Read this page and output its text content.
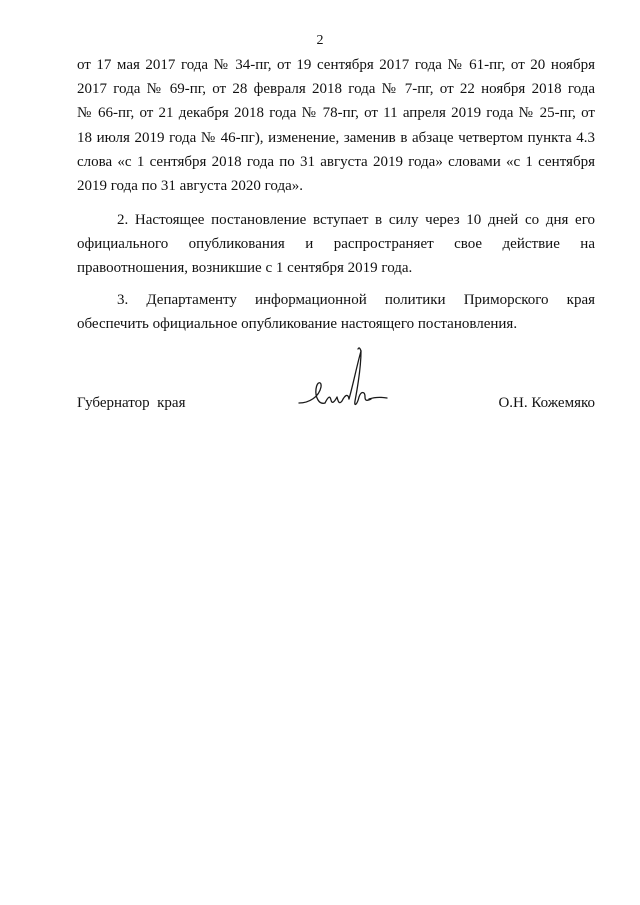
2
от 17 мая 2017 года № 34-пг, от 19 сентября 2017 года № 61-пг, от 20 ноября
2017 года № 69-пг, от 28 февраля 2018 года № 7-пг, от 22 ноября 2018 года
№ 66-пг, от 21 декабря 2018 года № 78-пг, от 11 апреля 2019 года № 25-пг, от
18 июля 2019 года № 46-пг), изменение, заменив в абзаце четвертом пункта 4.3
слова «с 1 сентября 2018 года по 31 августа 2019 года» словами «с 1 сентября
2019 года по 31 августа 2020 года».
2. Настоящее постановление вступает в силу через 10 дней со дня его
официального опубликования и распространяет свое действие на
правоотношения, возникшие с 1 сентября 2019 года.
3. Департаменту информационной политики Приморского края
обеспечить официальное опубликование настоящего постановления.
Губернатор  края	О.Н. Кожемяко
